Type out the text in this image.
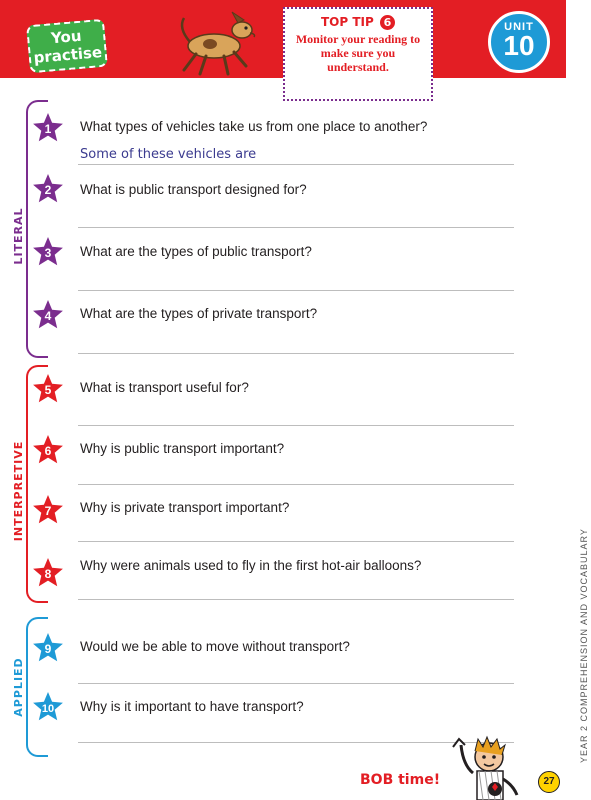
You practise
TOP TIP 6
Monitor your reading to make sure you understand.
UNIT
10
LITERAL
INTERPRETIVE
APPLIED
1
2
3
4
5
6
7
8
9
10
What types of vehicles take us from one place to another?
What is public transport designed for?
What are the types of public transport?
What are the types of private transport?
What is transport useful for?
Why is public transport important?
Why is private transport important?
Why were animals used to fly in the first hot-air balloons?
Would we be able to move without transport?
Why is it important to have transport?
Some of these vehicles are
YEAR 2 COMPREHENSION AND VOCABULARY
BOB time!	27
